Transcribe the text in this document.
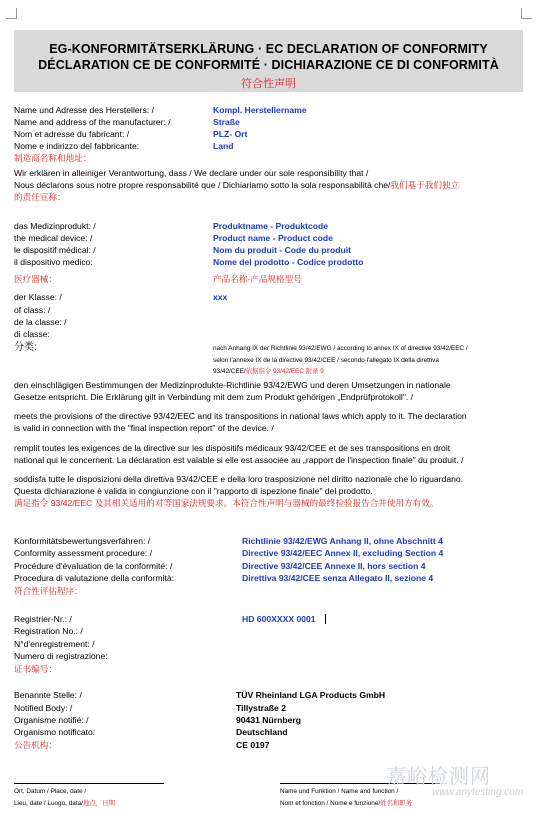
EG-KONFORMITÄTSERKLÄRUNG · EC DECLARATION OF CONFORMITY
DÉCLARATION CE DE CONFORMITÉ · DICHIARAZIONE CE DI CONFORMITÀ
符合性声明
Name und Adresse des Herstellers: /
Name and address of the manufacturer: /
Nom et adresse du fabricant: /
Nome e indirizzo del fabbricante:
制造商名称和地址：
Kompl. Herstellername
Straße
PLZ- Ort
Land
Wir erklären in alleiniger Verantwortung, dass / We declare under our sole responsibility that /
Nous déclarons sous notre propre responsabilité que / Dichiariamo sotto la sola responsabilità che/我们基于我们独立
的责任宣称：
das Medizinprodukt: /
the medical device: /
le dispositif médical: /
il dispositivo medico:
医疗器械：
Produktname - Produktcode
Product name - Product code
Nom du produit - Code du produit
Nome del prodotto - Codice prodotto
产品名称-产品规格型号
der Klasse: /
of class: /
de la classe: /
di classe:
分类:
xxx
nach Anhang IX der Richtlinie 93/42/EWG / according to annex IX of directive 93/42/EEC /
selon l'annexe IX de la directive 93/42/CEE / secondo l'allegato IX della direttiva
93/42/CEE/依据指令 93/42/EEC 附录 9
den einschlägigen Bestimmungen der Medizinprodukte-Richtlinie 93/42/EWG und deren Umsetzungen in nationale
Gesetze entspricht. Die Erklärung gilt in Verbindung mit dem zum Produkt gehörigen „Endprüfprotokoll". /
meets the provisions of the directive 93/42/EEC and its transpositions in national laws which apply to it. The declaration
is valid in connection with the "final inspection report" of the device. /
remplit toutes les exigences de la directive sur les dispositifs médicaux 93/42/CEE et de ses transpositions en droit
national qui le concernent. La déclaration est valable si elle est associée au „rapport de l'inspection finale" du produit. /
soddisfa tutte le disposizioni della direttiva 93/42/CEE e della loro trasposizione nel diritto nazionale che lo riguardano.
Questa dichiarazione è valida in congiunzione con il "rapporto di ispezione finale" del prodotto.
满足指令 93/42/EEC 及其相关适用的对等国家法规要求。本符合性声明与器械的最终检验报告合并使用方有效。
Konformitätsbewertungsverfahren: /
Conformity assessment procedure: /
Procédure d'évaluation de la conformité: /
Procedura di valutazione della conformità:
符合性评估程序：
Richtlinie 93/42/EWG Anhang II, ohne Abschnitt 4
Directive 93/42/EEC Annex II, excluding Section 4
Directive 93/42/CEE Annexe II, hors section 4
Direttiva 93/42/CEE senza Allegato II, sezione 4
Registrier-Nr.: /
Registration No.: /
N°d'enregistrement: /
Numero di registrazione:
证书编号：
HD 600XXXX 0001
Benannte Stelle: /
Notified Body: /
Organisme notifié: /
Organismo notificato:
公告机构：
TÜV Rheinland LGA Products GmbH
Tillystraße 2
90431 Nürnberg
Deutschland
CE 0197
Ort, Datum / Place, date /
Lieu, date / Luogo, data/地点，日期
Name und Funktion / Name and function /
Nom et fonction / Nome e funzione/姓名和职务
嘉峪检测网
www.anytesting.com
